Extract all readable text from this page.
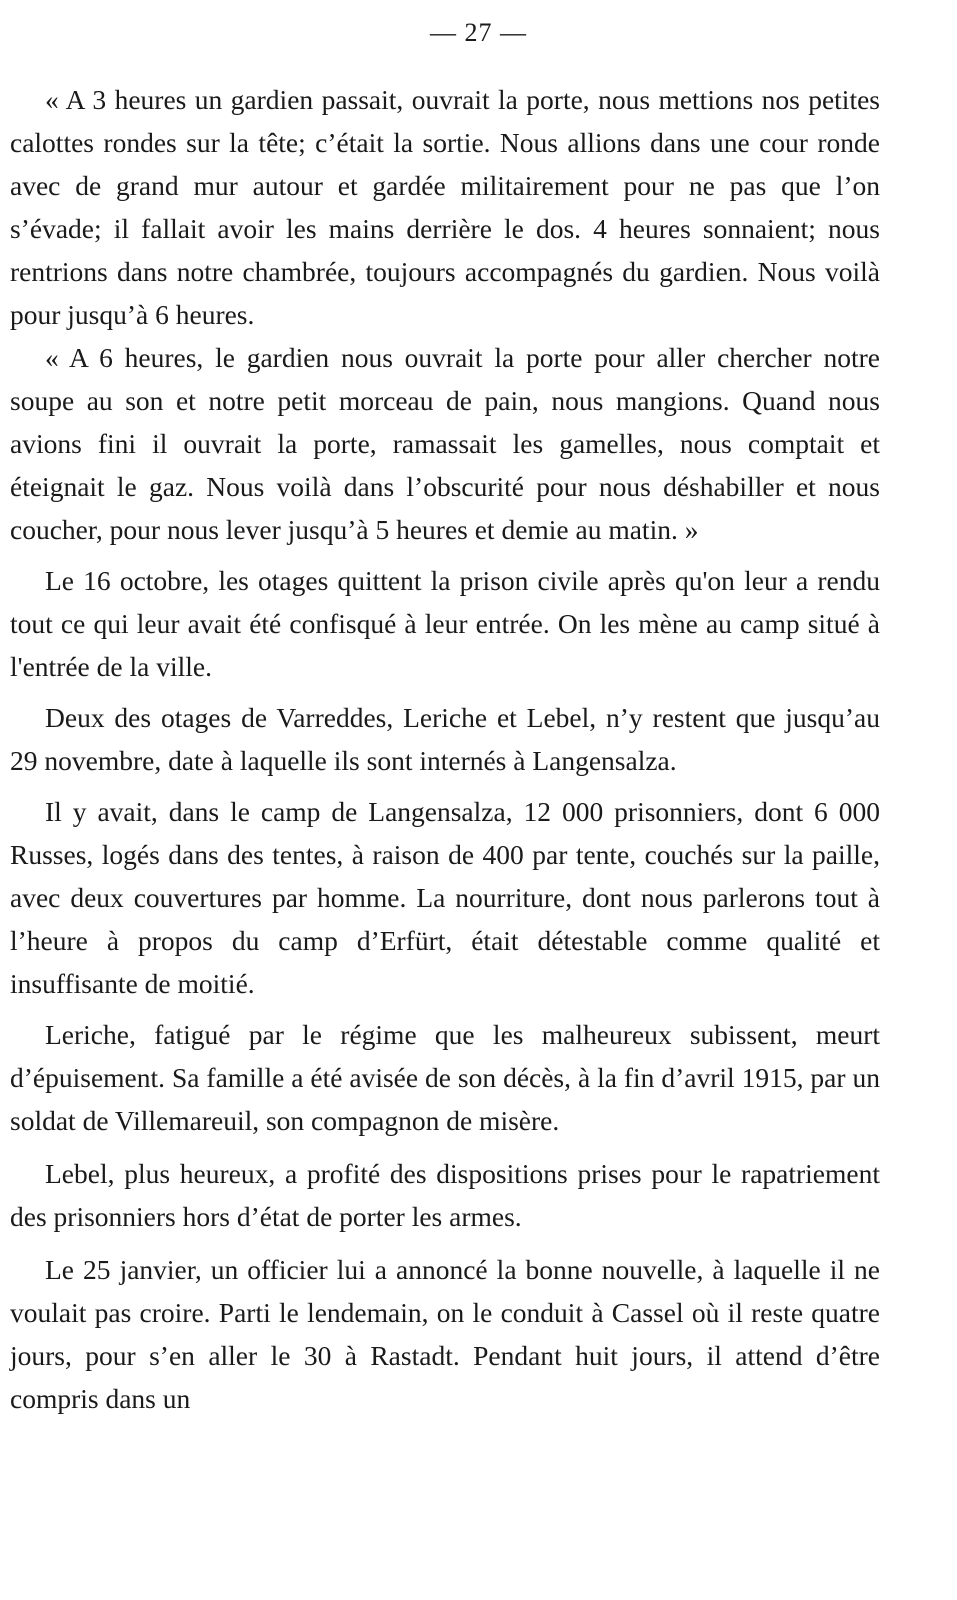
— 27 —

« A 3 heures un gardien passait, ouvrait la porte, nous mettions nos petites calottes rondes sur la tête; c’était la sortie. Nous allions dans une cour ronde avec de grand mur autour et gardée militairement pour ne pas que l’on s’évade; il fallait avoir les mains derrière le dos. 4 heures sonnaient; nous rentrions dans notre chambrée, toujours accompagnés du gardien. Nous voilà pour jusqu’à 6 heures.

« A 6 heures, le gardien nous ouvrait la porte pour aller chercher notre soupe au son et notre petit morceau de pain, nous mangions. Quand nous avions fini il ouvrait la porte, ramassait les gamelles, nous comptait et éteignait le gaz. Nous voilà dans l’obscurité pour nous déshabiller et nous coucher, pour nous lever jusqu’à 5 heures et demie au matin. »

Le 16 octobre, les otages quittent la prison civile après qu'on leur a rendu tout ce qui leur avait été confisqué à leur entrée. On les mène au camp situé à l'entrée de la ville.

Deux des otages de Varreddes, Leriche et Lebel, n’y restent que jusqu’au 29 novembre, date à laquelle ils sont internés à Langensalza.

Il y avait, dans le camp de Langensalza, 12 000 prisonniers, dont 6 000 Russes, logés dans des tentes, à raison de 400 par tente, couchés sur la paille, avec deux couvertures par homme. La nourriture, dont nous parlerons tout à l’heure à propos du camp d’Erfürt, était détestable comme qualité et insuffisante de moitié.

Leriche, fatigué par le régime que les malheureux subissent, meurt d’épuisement. Sa famille a été avisée de son décès, à la fin d’avril 1915, par un soldat de Villemareuil, son compagnon de misère.

Lebel, plus heureux, a profité des dispositions prises pour le rapatriement des prisonniers hors d’état de porter les armes.

Le 25 janvier, un officier lui a annoncé la bonne nouvelle, à laquelle il ne voulait pas croire. Parti le lendemain, on le conduit à Cassel où il reste quatre jours, pour s’en aller le 30 à Rastadt. Pendant huit jours, il attend d’être compris dans un
